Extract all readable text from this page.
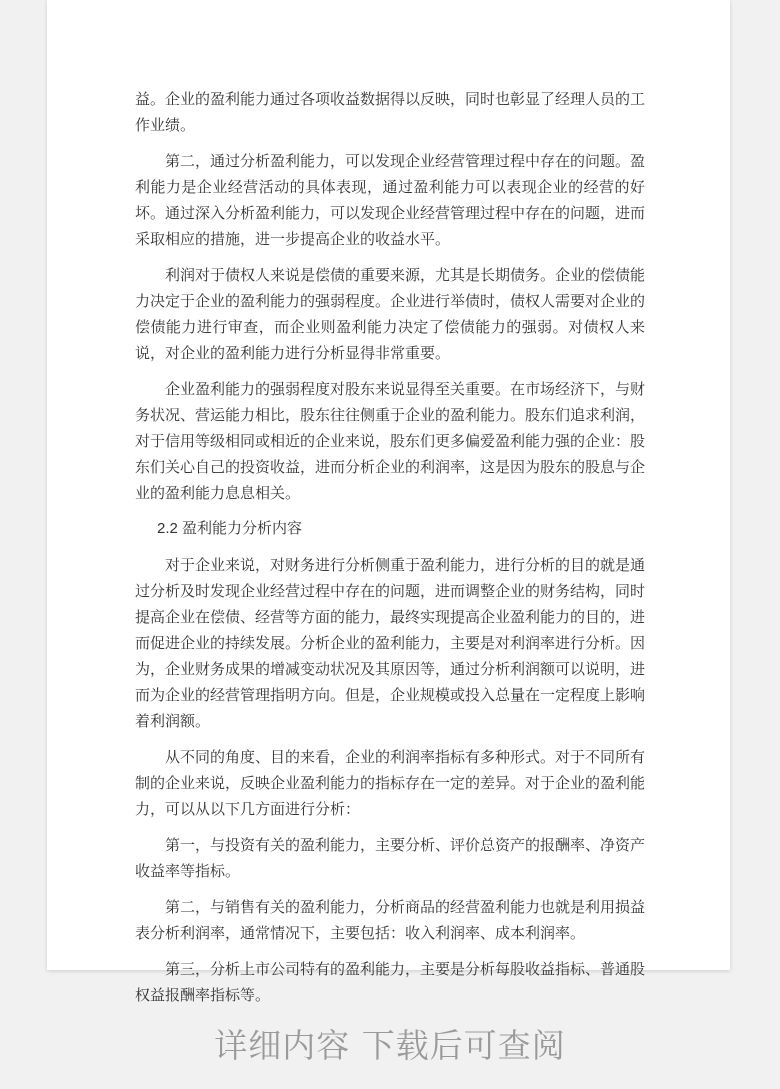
益。企业的盈利能力通过各项收益数据得以反映，同时也彰显了经理人员的工
作业绩。
　　第二，通过分析盈利能力，可以发现企业经营管理过程中存在的问题。盈
利能力是企业经营活动的具体表现，通过盈利能力可以表现企业的经营的好
坏。通过深入分析盈利能力，可以发现企业经营管理过程中存在的问题，进而
采取相应的措施，进一步提高企业的收益水平。
　　利润对于债权人来说是偿债的重要来源，尤其是长期债务。企业的偿债能
力决定于企业的盈利能力的强弱程度。企业进行举债时，债权人需要对企业的
偿债能力进行审查，而企业则盈利能力决定了偿债能力的强弱。对债权人来
说，对企业的盈利能力进行分析显得非常重要。
　　企业盈利能力的强弱程度对股东来说显得至关重要。在市场经济下，与财
务状况、营运能力相比，股东往往侧重于企业的盈利能力。股东们追求利润，
对于信用等级相同或相近的企业来说，股东们更多偏爱盈利能力强的企业：股
东们关心自己的投资收益，进而分析企业的利润率，这是因为股东的股息与企
业的盈利能力息息相关。
2.2 盈利能力分析内容
　　对于企业来说，对财务进行分析侧重于盈利能力，进行分析的目的就是通
过分析及时发现企业经营过程中存在的问题，进而调整企业的财务结构，同时
提高企业在偿债、经营等方面的能力，最终实现提高企业盈利能力的目的，进
而促进企业的持续发展。分析企业的盈利能力，主要是对利润率进行分析。因
为，企业财务成果的增减变动状况及其原因等，通过分析利润额可以说明，进
而为企业的经营管理指明方向。但是，企业规模或投入总量在一定程度上影响
着利润额。
　　从不同的角度、目的来看，企业的利润率指标有多种形式。对于不同所有
制的企业来说，反映企业盈利能力的指标存在一定的差异。对于企业的盈利能
力，可以从以下几方面进行分析：
　　第一，与投资有关的盈利能力，主要分析、评价总资产的报酬率、净资产
收益率等指标。
　　第二，与销售有关的盈利能力，分析商品的经营盈利能力也就是利用损益
表分析利润率，通常情况下，主要包括：收入利润率、成本利润率。
　　第三，分析上市公司特有的盈利能力，主要是分析每股收益指标、普通股
权益报酬率指标等。
详细内容 下载后可查阅
